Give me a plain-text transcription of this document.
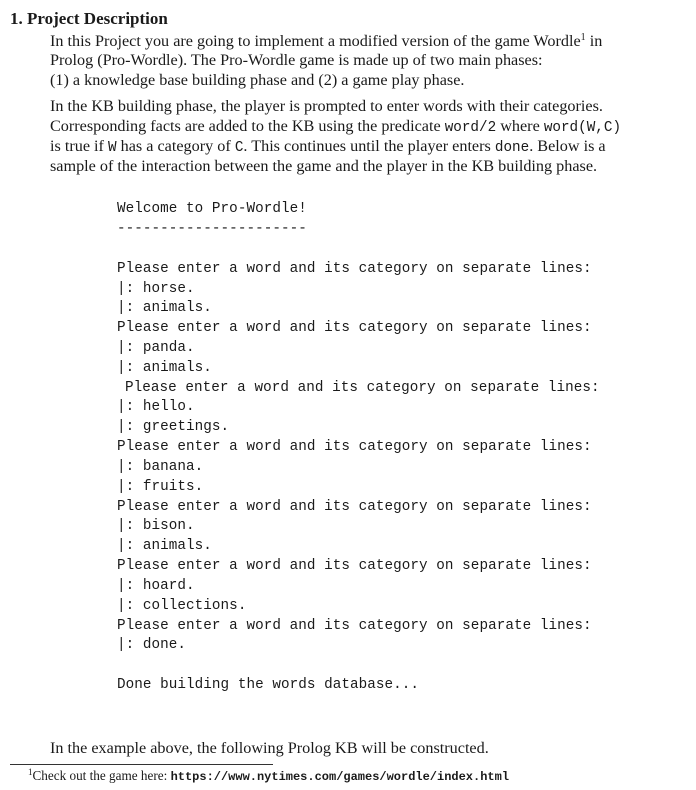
1. Project Description
In this Project you are going to implement a modified version of the game Wordle$^1$ in
Prolog (Pro-Wordle). The Pro-Wordle game is made up of two main phases:
(1) a knowledge base building phase and (2) a game play phase.
In the KB building phase, the player is prompted to enter words with their categories.
Corresponding facts are added to the KB using the predicate word/2 where word(W,C)
is true if W has a category of C. This continues until the player enters done. Below is a
sample of the interaction between the game and the player in the KB building phase.
Welcome to Pro-Wordle!
----------------------
Please enter a word and its category on separate lines:
|: horse.
|: animals.
Please enter a word and its category on separate lines:
|: panda.
|: animals.
Please enter a word and its category on separate lines:
|: hello.
|: greetings.
Please enter a word and its category on separate lines:
|: banana.
|: fruits.
Please enter a word and its category on separate lines:
|: bison.
|: animals.
Please enter a word and its category on separate lines:
|: hoard.
|: collections.
Please enter a word and its category on separate lines:
|: done.
Done building the words database...
In the example above, the following Prolog KB will be constructed.
$^1$Check out the game here: https://www.nytimes.com/games/wordle/index.html
